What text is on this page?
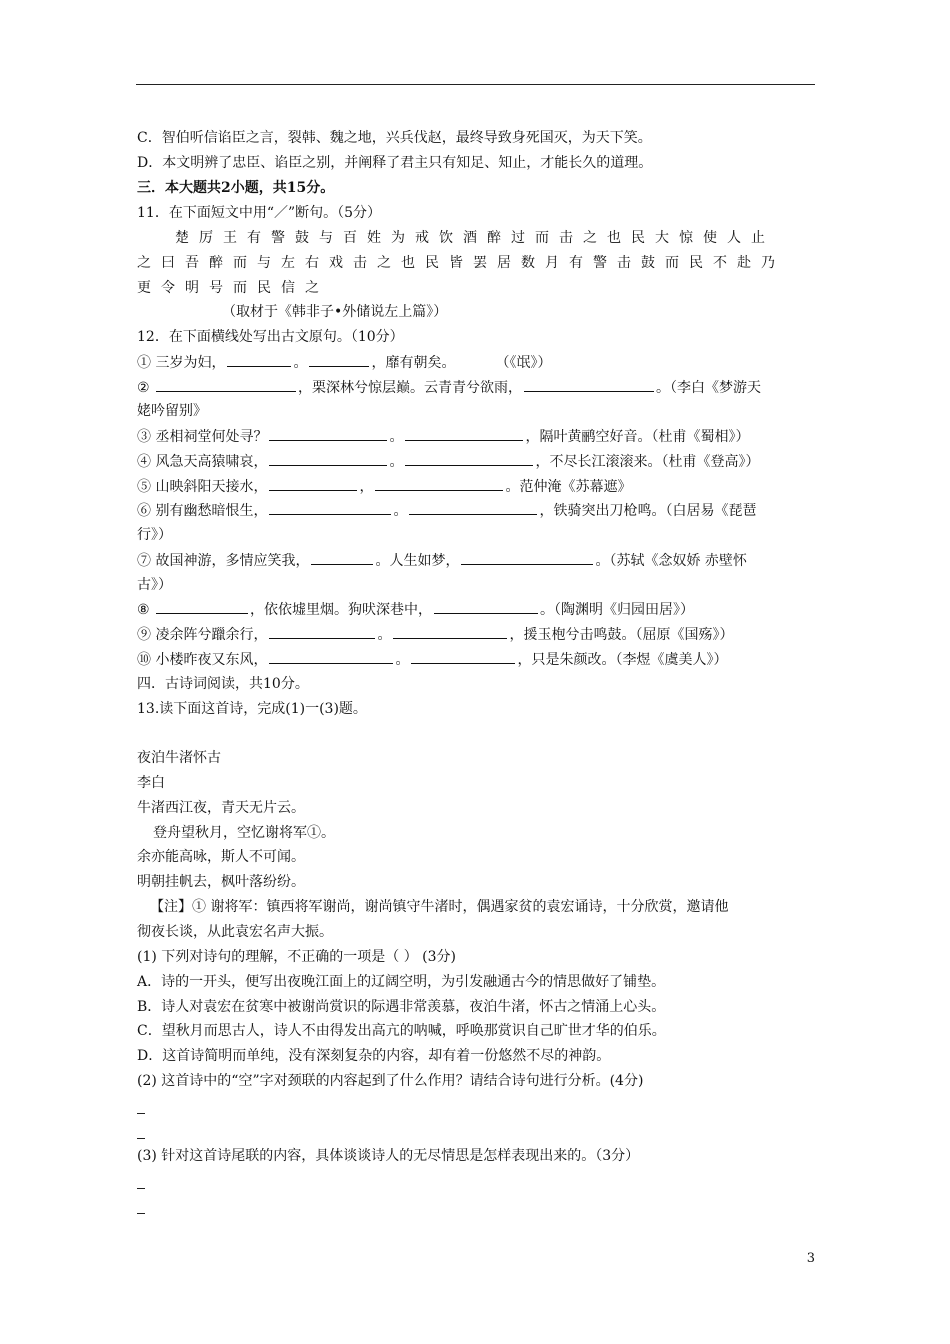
C．智伯听信谄臣之言，裂韩、魏之地，兴兵伐赵，最终导致身死国灭，为天下笑。
D．本文明辨了忠臣、谄臣之别，并阐释了君主只有知足、知止，才能长久的道理。
三．本大题共2小题，共15分。
11．在下面短文中用“／”断句。（5分）
楚厉王有警鼓与百姓为戒饮酒醉过而击之也民大惊使人止
之曰吾醉而与左右戏击之也民皆罢居数月有警击鼓而民不赴乃
更令明号而民信之
（取材于《韩非子•外储说左上篇》）
12．在下面横线处写出古文原句。（10分）
① 三岁为妇，	。	，靡有朝矣。	（《氓》）
②	，栗深林兮惊层巅。云青青兮欲雨，	。（李白《梦游天
姥吟留别》
③ 丞相祠堂何处寻？	。	，隔叶黄鹂空好音。（杜甫《蜀相》）
④ 风急天高猿啸哀，	。	，不尽长江滚滚来。（杜甫《登高》）
⑤ 山映斜阳天接水，	，	。范仲淹《苏幕遮》
⑥ 别有幽愁暗恨生，	。	，铁骑突出刀枪鸣。（白居易《琵琶
行》）
⑦ 故国神游，多情应笑我，	。人生如梦，	。（苏轼《念奴娇 赤壁怀
古》）
⑧	，依依墟里烟。狗吠深巷中，	。（陶渊明《归园田居》）
⑨ 凌余阵兮躐余行，	。	，援玉枹兮击鸣鼓。（屈原《国殇》）
⑩ 小楼昨夜又东风，	。	，只是朱颜改。（李煜《虞美人》）
四．古诗词阅读，共10分。
13.读下面这首诗，完成(1)一(3)题。
夜泊牛渚怀古
李白
牛渚西江夜，青天无片云。
登舟望秋月，空忆谢将军①。
余亦能高咏，斯人不可闻。
明朝挂帆去，枫叶落纷纷。
【注】① 谢将军：镇西将军谢尚，谢尚镇守牛渚时，偶遇家贫的袁宏诵诗，十分欣赏，邀请他
彻夜长谈，从此袁宏名声大振。
(1) 下列对诗句的理解，不正确的一项是（ ） (3分)
A．诗的一开头，便写出夜晚江面上的辽阔空明，为引发融通古今的情思做好了铺垫。
B．诗人对袁宏在贫寒中被谢尚赏识的际遇非常羡慕，夜泊牛渚，怀古之情涌上心头。
C．望秋月而思古人，诗人不由得发出高亢的呐喊，呼唤那赏识自己旷世才华的伯乐。
D．这首诗简明而单纯，没有深刻复杂的内容，却有着一份悠然不尽的神韵。
(2) 这首诗中的“空”字对颈联的内容起到了什么作用？请结合诗句进行分析。(4分)
(3) 针对这首诗尾联的内容，具体谈谈诗人的无尽情思是怎样表现出来的。（3分）
3
